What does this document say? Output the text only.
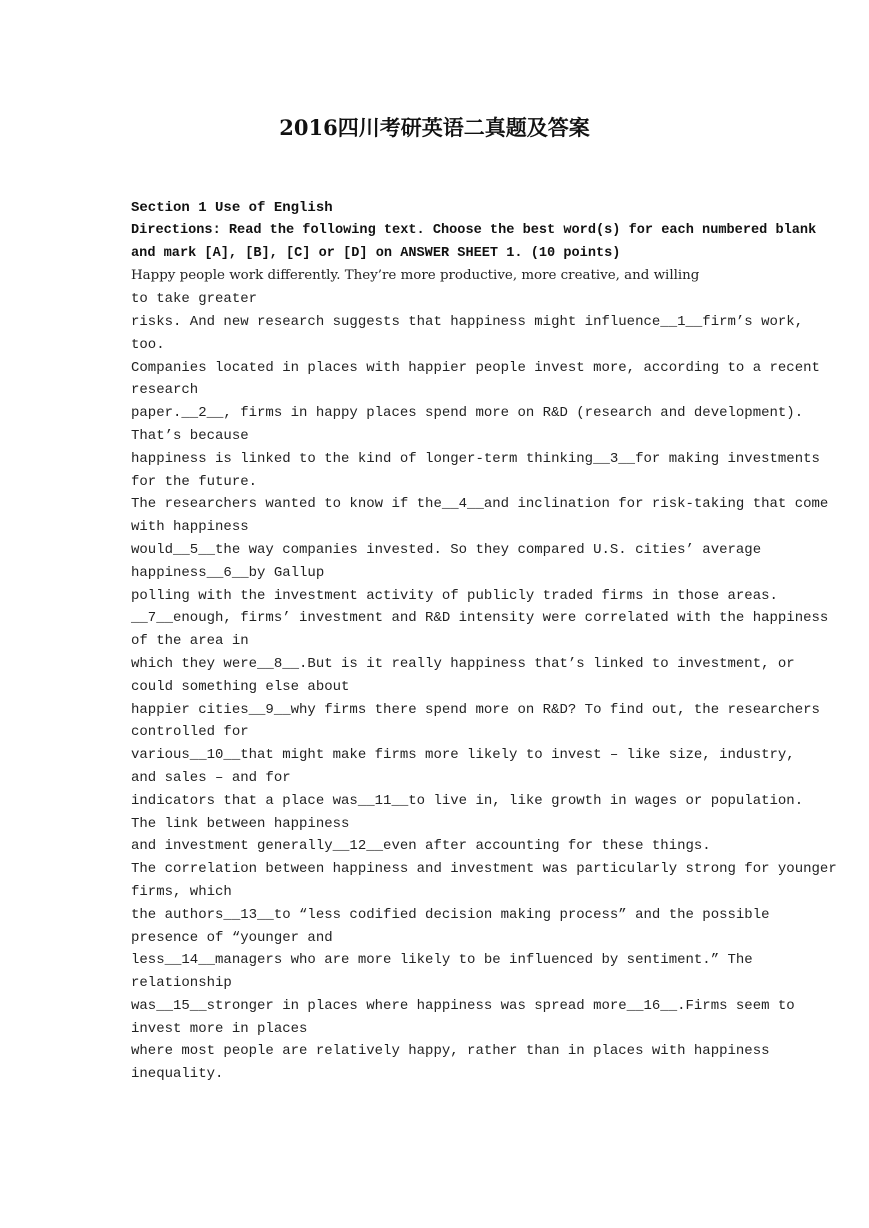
2016四川考研英语二真题及答案
Section 1 Use of English
Directions: Read the following text. Choose the best word(s) for each numbered blank
and mark [A], [B], [C] or [D] on ANSWER SHEET 1. (10 points)
Happy people work differently. They’re more productive, more creative, and willing
to take greater
risks. And new research suggests that happiness might influence__1__firm’s work,
too.
Companies located in places with happier people invest more, according to a recent
research
paper.__2__, firms in happy places spend more on R&D (research and development).
That’s because
happiness is linked to the kind of longer-term thinking__3__for making investments
for the future.
The researchers wanted to know if the__4__and inclination for risk-taking that come
with happiness
would__5__the way companies invested. So they compared U.S. cities’ average
happiness__6__by Gallup
polling with the investment activity of publicly traded firms in those areas.
__7__enough, firms’ investment and R&D intensity were correlated with the happiness
of the area in
which they were__8__.But is it really happiness that’s linked to investment, or
could something else about
happier cities__9__why firms there spend more on R&D? To find out, the researchers
controlled for
various__10__that might make firms more likely to invest – like size, industry,
and sales – and for
indicators that a place was__11__to live in, like growth in wages or population.
The link between happiness
and investment generally__12__even after accounting for these things.
The correlation between happiness and investment was particularly strong for younger
firms, which
the authors__13__to “less codified decision making process” and the possible
presence of “younger and
less__14__managers who are more likely to be influenced by sentiment.” The
relationship
was__15__stronger in places where happiness was spread more__16__.Firms seem to
invest more in places
where most people are relatively happy, rather than in places with happiness
inequality.
